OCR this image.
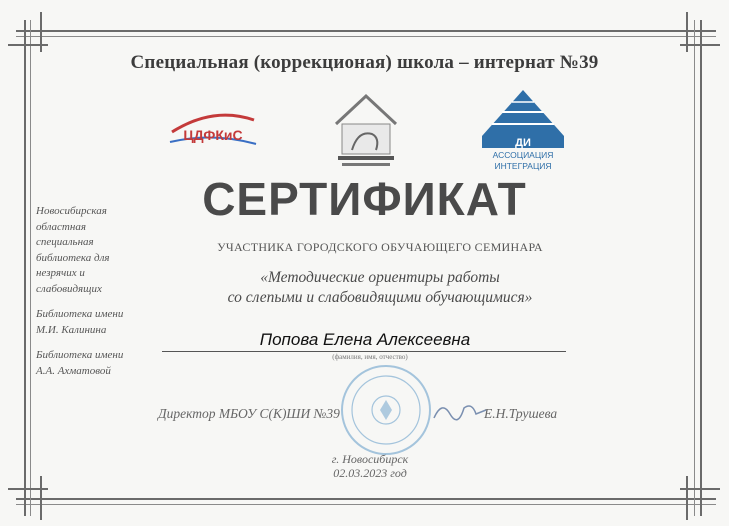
Специальная (коррекционая) школа – интернат №39
ЦДФКиС	ДИ
АССОЦИАЦИЯ
ИНТЕГРАЦИЯ
СЕРТИФИКАТ
УЧАСТНИКА ГОРОДСКОГО ОБУЧАЮЩЕГО СЕМИНАРА
«Методические ориентиры работы
со слепыми и слабовидящими обучающимися»
Новосибирская
областная
специальная
библиотека для
незрячих и
слабовидящих
Библиотека имени
М.И. Калинина
Библиотека имени
А.А. Ахматовой
Попова Елена Алексеевна
(фамилия, имя, отчество)
Директор МБОУ С(К)ШИ №39	Е.Н.Трушева
г. Новосибирск
02.03.2023 год
